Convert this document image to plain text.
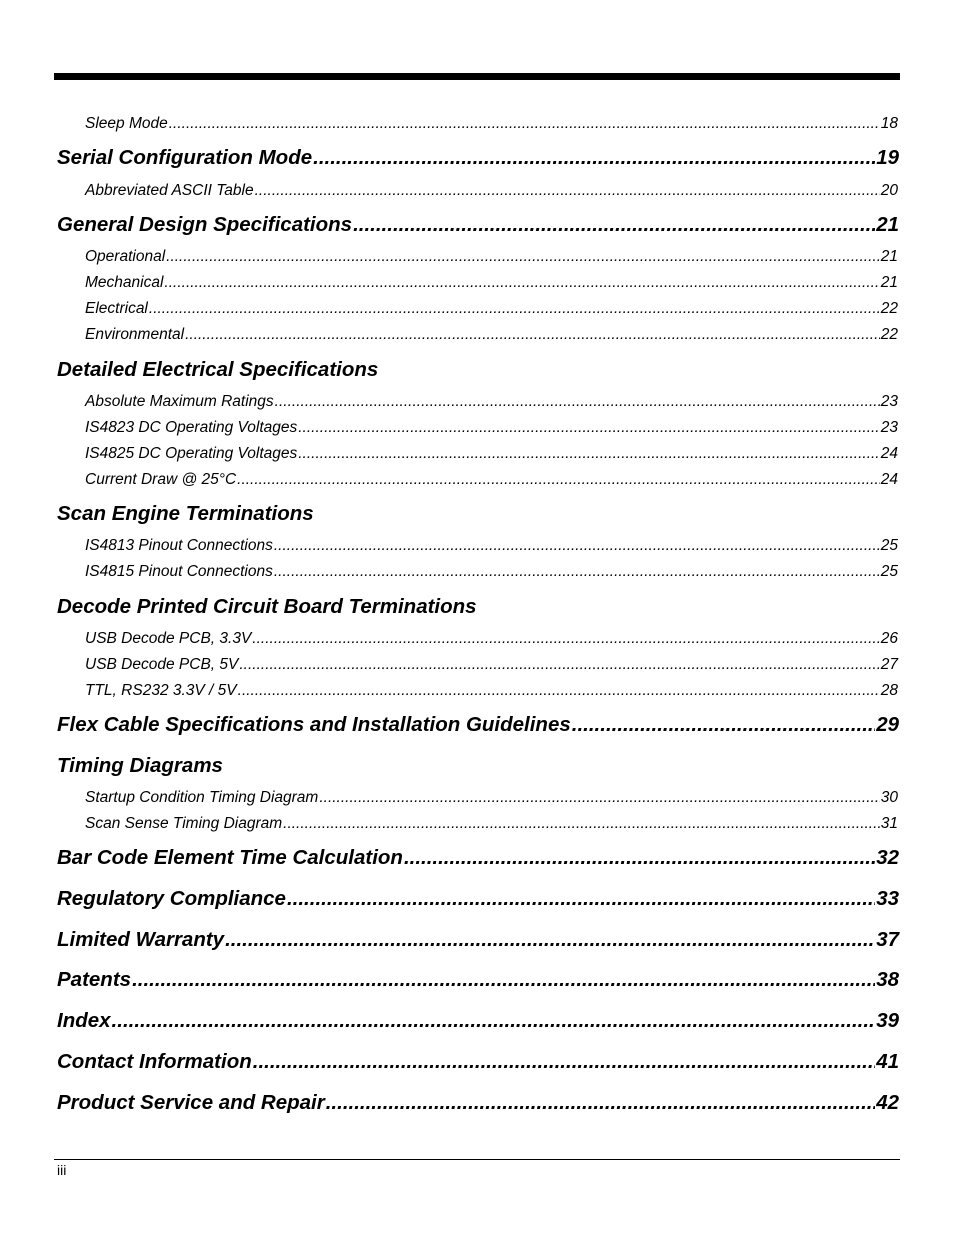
Sleep Mode .....	18
Serial Configuration Mode .....	19
Abbreviated ASCII Table .....	20
General Design Specifications .....	21
Operational .....	21
Mechanical .....	21
Electrical .....	22
Environmental .....	22
Detailed Electrical Specifications
Absolute Maximum Ratings .....	23
IS4823 DC Operating Voltages .....	23
IS4825 DC Operating Voltages .....	24
Current Draw @ 25°C .....	24
Scan Engine Terminations
IS4813 Pinout Connections .....	25
IS4815 Pinout Connections .....	25
Decode Printed Circuit Board Terminations
USB Decode PCB, 3.3V .....	26
USB Decode PCB, 5V .....	27
TTL, RS232 3.3V / 5V .....	28
Flex Cable Specifications and Installation Guidelines .....	29
Timing Diagrams
Startup Condition Timing Diagram .....	30
Scan Sense Timing Diagram .....	31
Bar Code Element Time Calculation .....	32
Regulatory Compliance .....	33
Limited Warranty .....	37
Patents .....	38
Index .....	39
Contact Information .....	41
Product Service and Repair .....	42
iii
